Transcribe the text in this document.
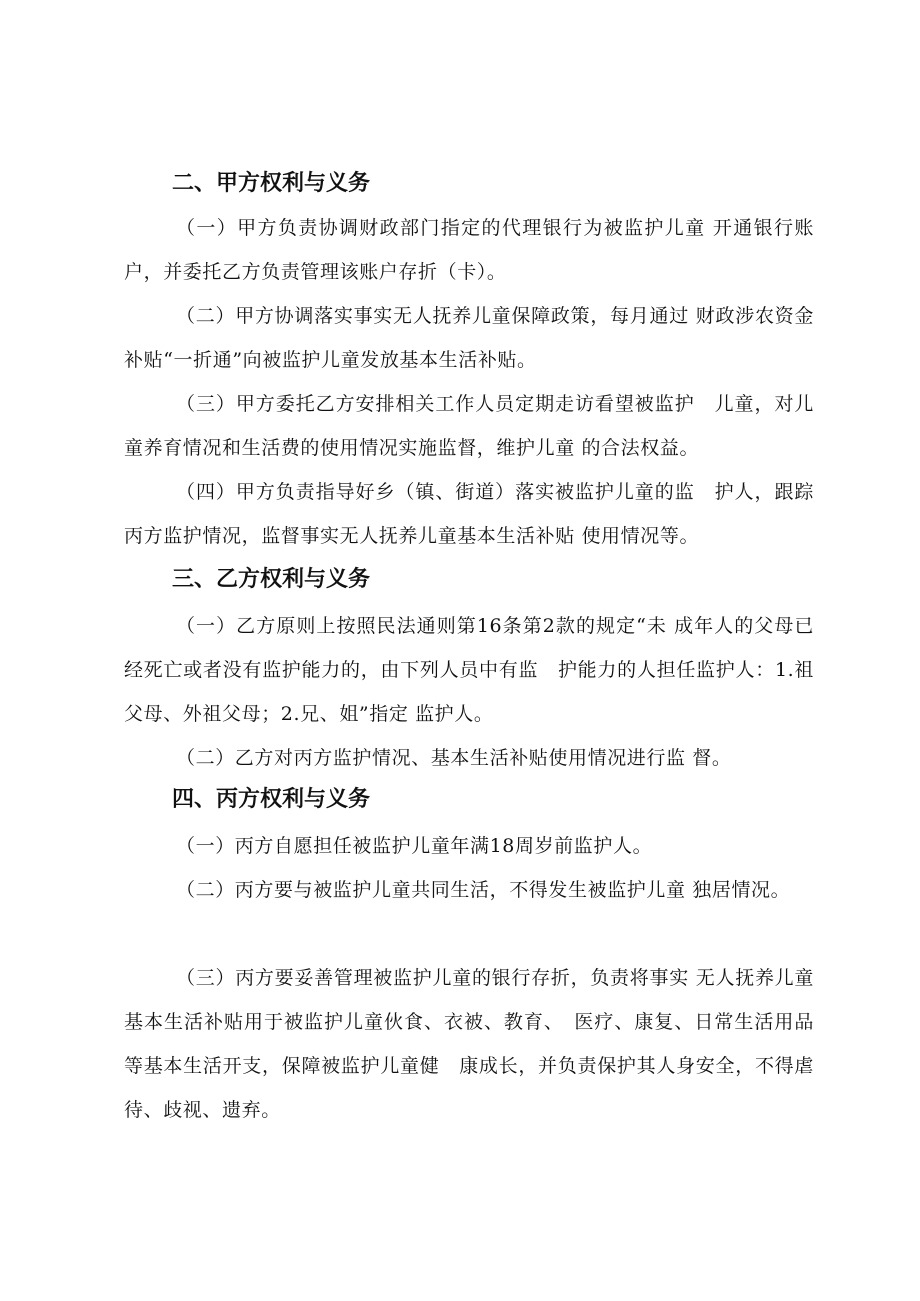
二、甲方权利与义务

（一）甲方负责协调财政部门指定的代理银行为被监护儿童 开通银行账户，并委托乙方负责管理该账户存折（卡）。

（二）甲方协调落实事实无人抚养儿童保障政策，每月通过 财政涉农资金补贴“一折通”向被监护儿童发放基本生活补贴。

（三）甲方委托乙方安排相关工作人员定期走访看望被监护　儿童，对儿童养育情况和生活费的使用情况实施监督，维护儿童 的合法权益。

（四）甲方负责指导好乡（镇、街道）落实被监护儿童的监　护人，跟踪丙方监护情况，监督事实无人抚养儿童基本生活补贴 使用情况等。

三、乙方权利与义务

（一）乙方原则上按照民法通则第16条第2款的规定“未 成年人的父母已经死亡或者没有监护能力的，由下列人员中有监　护能力的人担任监护人：1.祖父母、外祖父母；2.兄、姐”指定 监护人。

（二）乙方对丙方监护情况、基本生活补贴使用情况进行监 督。

四、丙方权利与义务

（一）丙方自愿担任被监护儿童年满18周岁前监护人。

（二）丙方要与被监护儿童共同生活，不得发生被监护儿童 独居情况。

（三）丙方要妥善管理被监护儿童的银行存折，负责将事实 无人抚养儿童基本生活补贴用于被监护儿童伙食、衣被、教育、　医疗、康复、日常生活用品等基本生活开支，保障被监护儿童健　康成长，并负责保护其人身安全，不得虐待、歧视、遗弃。
